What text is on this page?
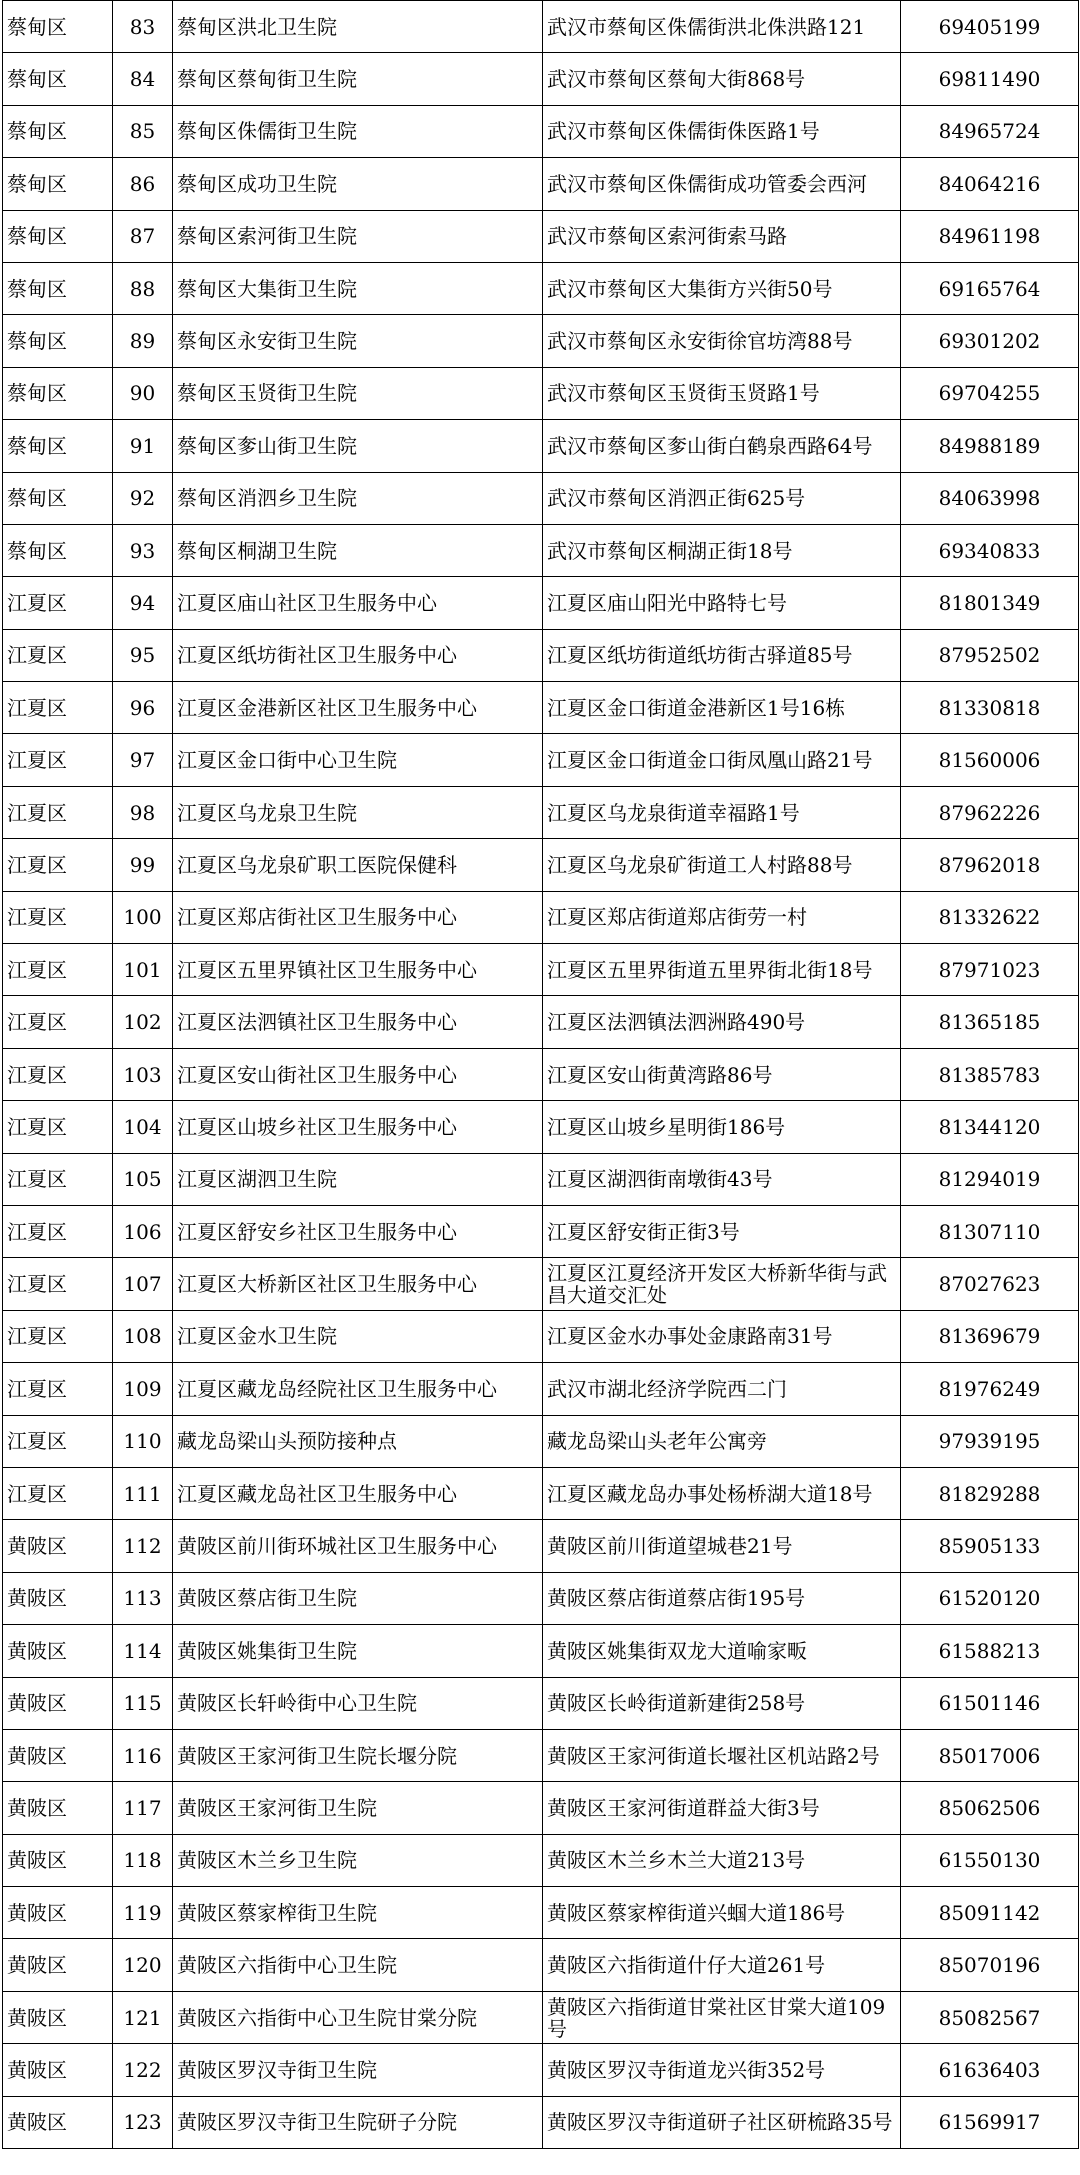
蔡甸区	83	蔡甸区洪北卫生院	武汉市蔡甸区侏儒街洪北侏洪路121	69405199
蔡甸区	84	蔡甸区蔡甸街卫生院	武汉市蔡甸区蔡甸大街868号	69811490
蔡甸区	85	蔡甸区侏儒街卫生院	武汉市蔡甸区侏儒街侏医路1号	84965724
蔡甸区	86	蔡甸区成功卫生院	武汉市蔡甸区侏儒街成功管委会西河	84064216
蔡甸区	87	蔡甸区索河街卫生院	武汉市蔡甸区索河街索马路	84961198
蔡甸区	88	蔡甸区大集街卫生院	武汉市蔡甸区大集街方兴街50号	69165764
蔡甸区	89	蔡甸区永安街卫生院	武汉市蔡甸区永安街徐官坊湾88号	69301202
蔡甸区	90	蔡甸区玉贤街卫生院	武汉市蔡甸区玉贤街玉贤路1号	69704255
蔡甸区	91	蔡甸区奓山街卫生院	武汉市蔡甸区奓山街白鹤泉西路64号	84988189
蔡甸区	92	蔡甸区消泗乡卫生院	武汉市蔡甸区消泗正街625号	84063998
蔡甸区	93	蔡甸区桐湖卫生院	武汉市蔡甸区桐湖正街18号	69340833
江夏区	94	江夏区庙山社区卫生服务中心	江夏区庙山阳光中路特七号	81801349
江夏区	95	江夏区纸坊街社区卫生服务中心	江夏区纸坊街道纸坊街古驿道85号	87952502
江夏区	96	江夏区金港新区社区卫生服务中心	江夏区金口街道金港新区1号16栋	81330818
江夏区	97	江夏区金口街中心卫生院	江夏区金口街道金口街凤凰山路21号	81560006
江夏区	98	江夏区乌龙泉卫生院	江夏区乌龙泉街道幸福路1号	87962226
江夏区	99	江夏区乌龙泉矿职工医院保健科	江夏区乌龙泉矿街道工人村路88号	87962018
江夏区	100	江夏区郑店街社区卫生服务中心	江夏区郑店街道郑店街劳一村	81332622
江夏区	101	江夏区五里界镇社区卫生服务中心	江夏区五里界街道五里界街北街18号	87971023
江夏区	102	江夏区法泗镇社区卫生服务中心	江夏区法泗镇法泗洲路490号	81365185
江夏区	103	江夏区安山街社区卫生服务中心	江夏区安山街黄湾路86号	81385783
江夏区	104	江夏区山坡乡社区卫生服务中心	江夏区山坡乡星明街186号	81344120
江夏区	105	江夏区湖泗卫生院	江夏区湖泗街南墩街43号	81294019
江夏区	106	江夏区舒安乡社区卫生服务中心	江夏区舒安街正街3号	81307110
江夏区	107	江夏区大桥新区社区卫生服务中心	江夏区江夏经济开发区大桥新华街与武昌大道交汇处	87027623
江夏区	108	江夏区金水卫生院	江夏区金水办事处金康路南31号	81369679
江夏区	109	江夏区藏龙岛经院社区卫生服务中心	武汉市湖北经济学院西二门	81976249
江夏区	110	藏龙岛梁山头预防接种点	藏龙岛梁山头老年公寓旁	97939195
江夏区	111	江夏区藏龙岛社区卫生服务中心	江夏区藏龙岛办事处杨桥湖大道18号	81829288
黄陂区	112	黄陂区前川街环城社区卫生服务中心	黄陂区前川街道望城巷21号	85905133
黄陂区	113	黄陂区蔡店街卫生院	黄陂区蔡店街道蔡店街195号	61520120
黄陂区	114	黄陂区姚集街卫生院	黄陂区姚集街双龙大道喻家畈	61588213
黄陂区	115	黄陂区长轩岭街中心卫生院	黄陂区长岭街道新建街258号	61501146
黄陂区	116	黄陂区王家河街卫生院长堰分院	黄陂区王家河街道长堰社区机站路2号	85017006
黄陂区	117	黄陂区王家河街卫生院	黄陂区王家河街道群益大街3号	85062506
黄陂区	118	黄陂区木兰乡卫生院	黄陂区木兰乡木兰大道213号	61550130
黄陂区	119	黄陂区蔡家榨街卫生院	黄陂区蔡家榨街道兴蝈大道186号	85091142
黄陂区	120	黄陂区六指街中心卫生院	黄陂区六指街道什仔大道261号	85070196
黄陂区	121	黄陂区六指街中心卫生院甘棠分院	黄陂区六指街道甘棠社区甘棠大道109号	85082567
黄陂区	122	黄陂区罗汉寺街卫生院	黄陂区罗汉寺街道龙兴街352号	61636403
黄陂区	123	黄陂区罗汉寺街卫生院研子分院	黄陂区罗汉寺街道研子社区研梳路35号	61569917
